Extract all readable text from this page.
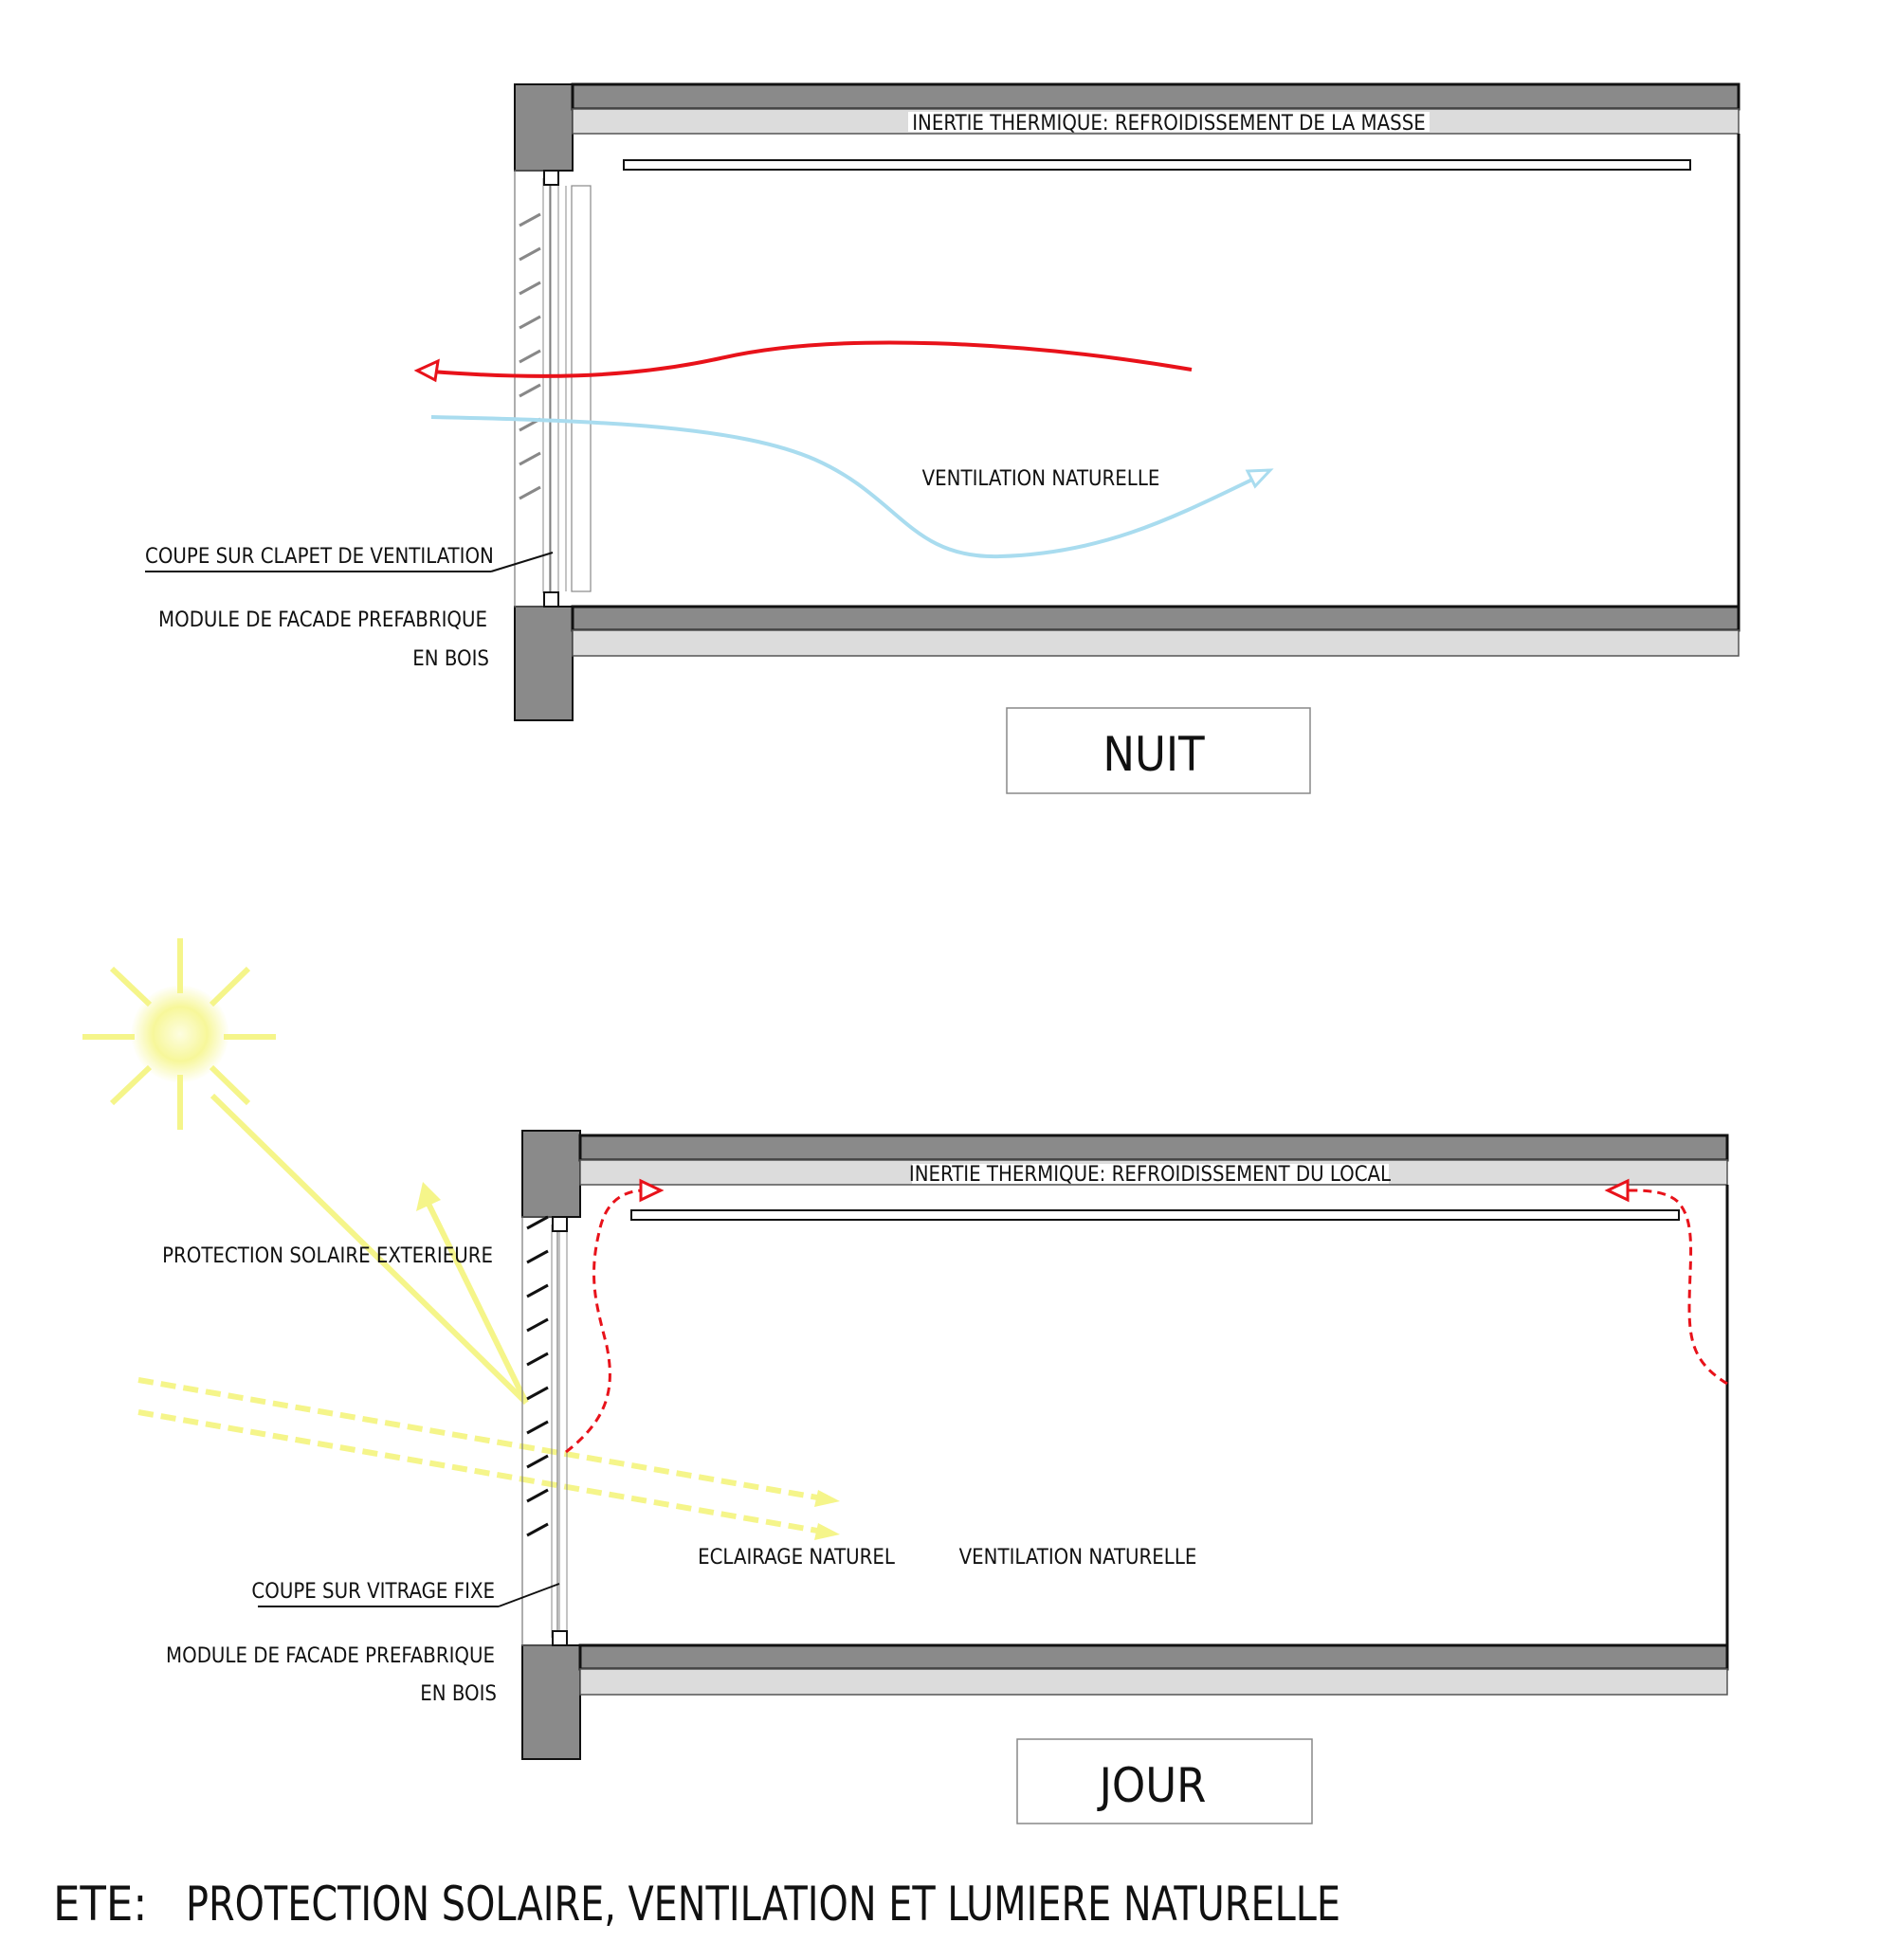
INERTIE THERMIQUE: REFROIDISSEMENT DE LA MASSE
VENTILATION NATURELLE
COUPE SUR CLAPET DE VENTILATION
MODULE DE FACADE PREFABRIQUE
EN BOIS
NUIT
INERTIE THERMIQUE: REFROIDISSEMENT DU LOCAL
PROTECTION SOLAIRE EXTERIEURE
ECLAIRAGE NATUREL	VENTILATION NATURELLE
COUPE SUR VITRAGE FIXE
MODULE DE FACADE PREFABRIQUE
EN BOIS
JOUR
ETE: PROTECTION SOLAIRE, VENTILATION ET LUMIERE NATURELLE
